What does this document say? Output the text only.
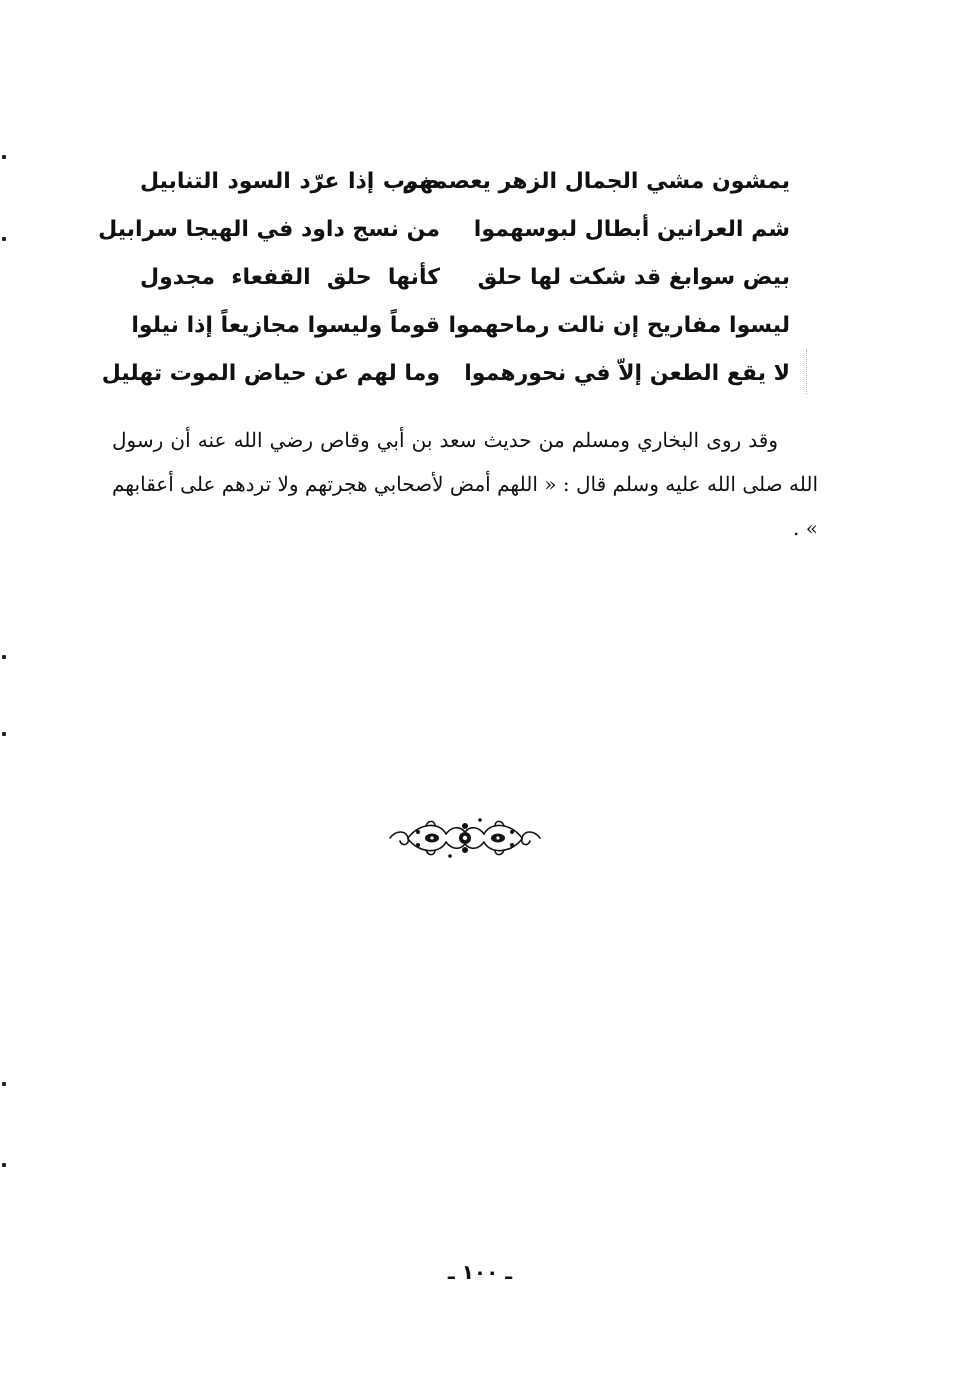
يمشون مشي الجمال الزهر يعصمهم
ضرب إذا عرّد السود التنابيل
شم العرانين أبطال لبوسهموا
من نسج داود في الهيجا سرابيل
بيض سوابغ قد شكت لها حلق
كأنها حلق القفعاء مجدول
ليسوا مفاريح إن نالت رماحهموا
قوماً وليسوا مجازيعاً إذا نيلوا
لا يقع الطعن إلاّ في نحورهموا
وما لهم عن حياض الموت تهليل

وقد روى البخاري ومسلم من حديث سعد بن أبي وقاص رضي الله عنه أن رسول الله صلى الله عليه وسلم قال : « اللهم أمض لأصحابي هجرتهم ولا تردهم على أعقابهم » .

ـ ١٠٠ ـ
